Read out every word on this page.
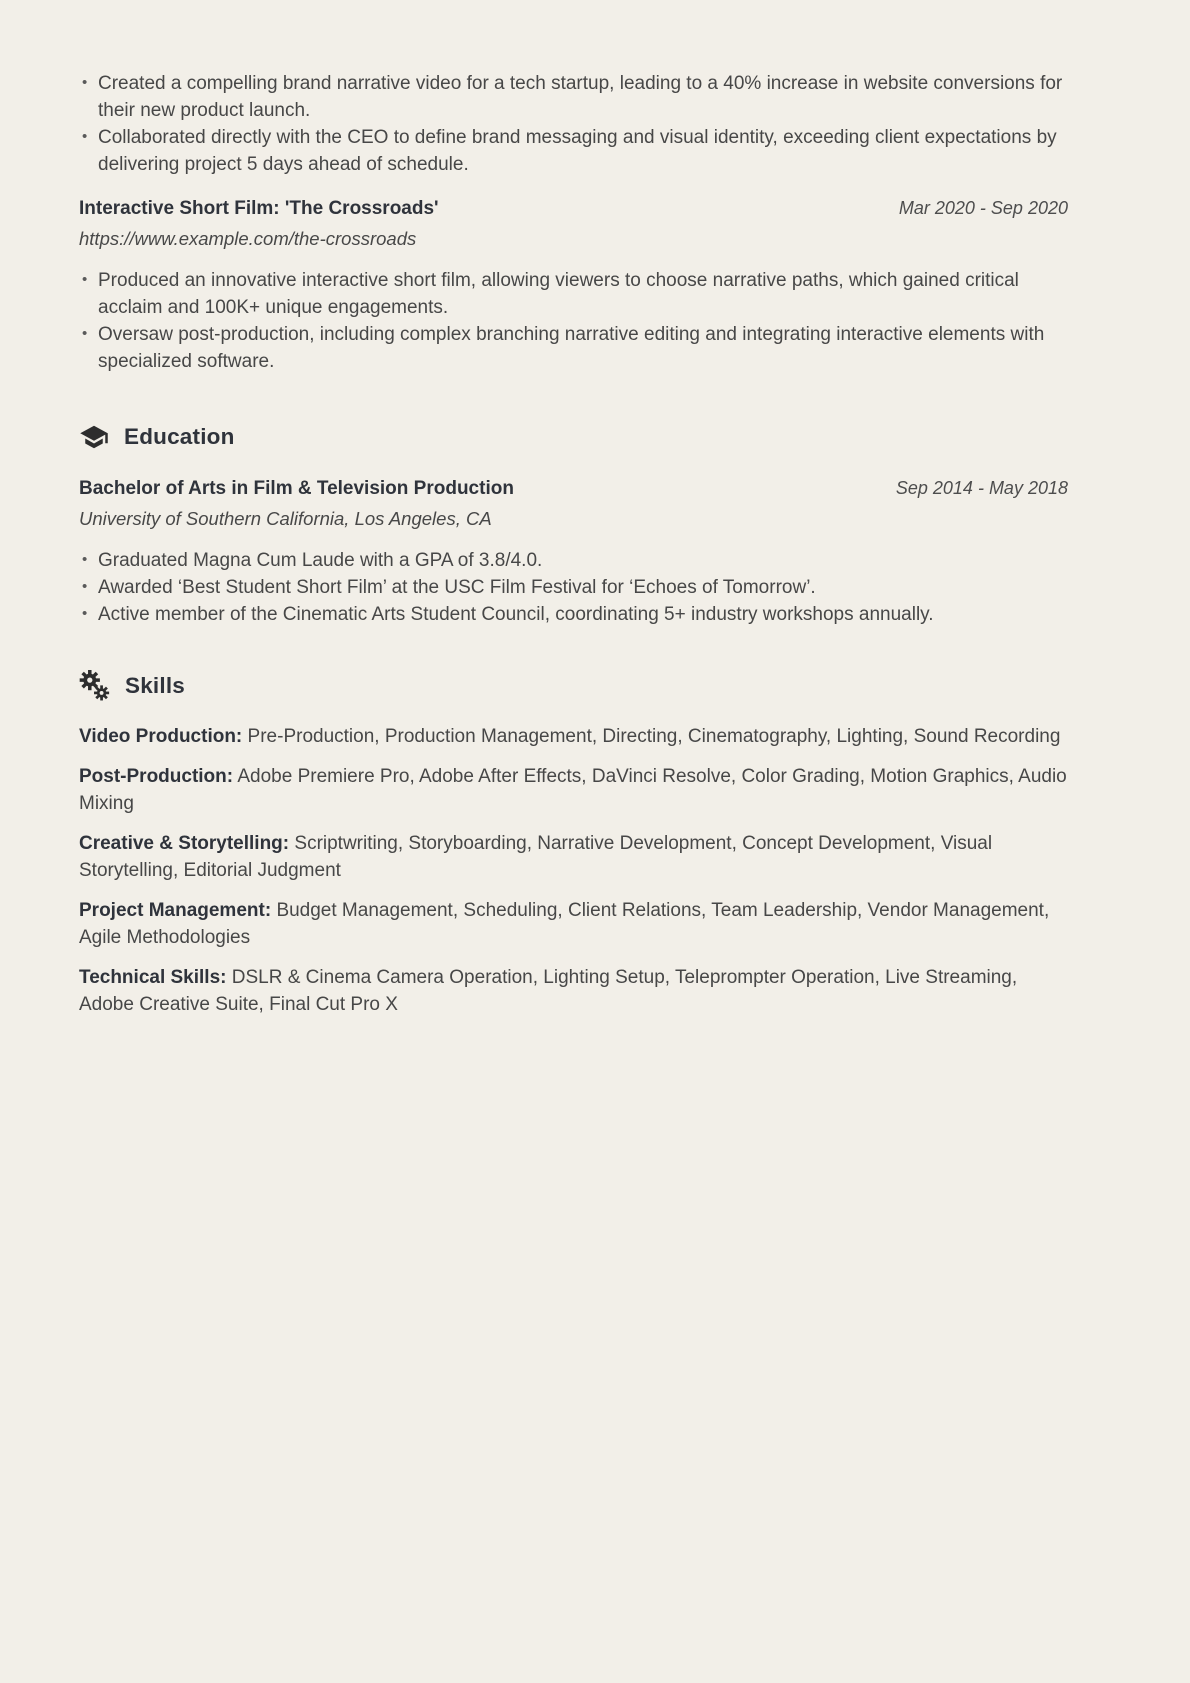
• Created a compelling brand narrative video for a tech startup, leading to a 40% increase in website conversions for their new product launch.
• Collaborated directly with the CEO to define brand messaging and visual identity, exceeding client expectations by delivering project 5 days ahead of schedule.
Interactive Short Film: 'The Crossroads'	Mar 2020 - Sep 2020
https://www.example.com/the-crossroads
• Produced an innovative interactive short film, allowing viewers to choose narrative paths, which gained critical acclaim and 100K+ unique engagements.
• Oversaw post-production, including complex branching narrative editing and integrating interactive elements with specialized software.
Education
Bachelor of Arts in Film & Television Production	Sep 2014 - May 2018
University of Southern California, Los Angeles, CA
• Graduated Magna Cum Laude with a GPA of 3.8/4.0.
• Awarded ‘Best Student Short Film’ at the USC Film Festival for ‘Echoes of Tomorrow’.
• Active member of the Cinematic Arts Student Council, coordinating 5+ industry workshops annually.
Skills

Video Production: Pre-Production, Production Management, Directing, Cinematography, Lighting, Sound Recording

Post-Production: Adobe Premiere Pro, Adobe After Effects, DaVinci Resolve, Color Grading, Motion Graphics, Audio Mixing

Creative & Storytelling: Scriptwriting, Storyboarding, Narrative Development, Concept Development, Visual Storytelling, Editorial Judgment

Project Management: Budget Management, Scheduling, Client Relations, Team Leadership, Vendor Management, Agile Methodologies

Technical Skills: DSLR & Cinema Camera Operation, Lighting Setup, Teleprompter Operation, Live Streaming, Adobe Creative Suite, Final Cut Pro X
